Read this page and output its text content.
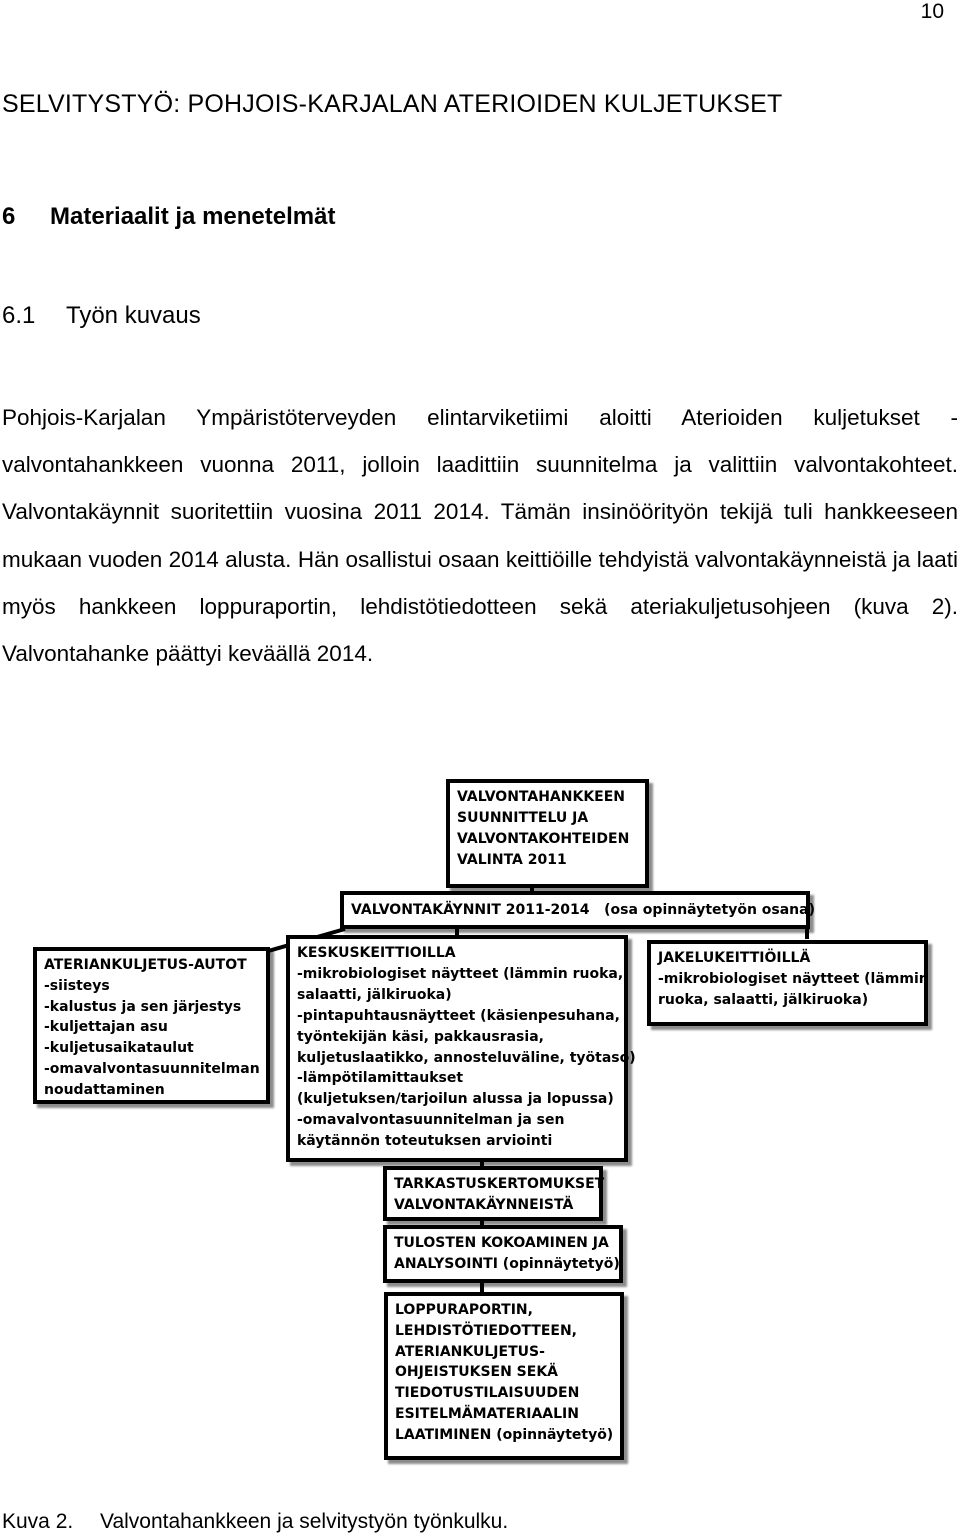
10
SELVITYSTYÖ: POHJOIS-KARJALAN ATERIOIDEN KULJETUKSET
6 Materiaalit ja menetelmät
6.1 Työn kuvaus
Pohjois-Karjalan Ympäristöterveyden elintarviketiimi aloitti Aterioiden kuljetukset -valvontahankkeen vuonna 2011, jolloin laadittiin suunnitelma ja valittiin valvontakohteet. Valvontakäynnit suoritettiin vuosina 2011 2014. Tämän insinöörityön tekijä tuli hankkeeseen mukaan vuoden 2014 alusta. Hän osallistui osaan keittiöille tehdyistä valvontakäynneistä ja laati myös hankkeen loppuraportin, lehdistötiedotteen sekä ateriakuljetusohjeen (kuva 2). Valvontahanke päättyi keväällä 2014.
VALVONTAHANKKEEN
SUUNNITTELU JA
VALVONTAKOHTEIDEN
VALINTA 2011
VALVONTAKÄYNNIT 2011-2014   (osa opinnäytetyön osana)
ATERIANKULJETUS-AUTOT
-siisteys
-kalustus ja sen järjestys
-kuljettajan asu
-kuljetusaikataulut
-omavalvontasuunnitelman
noudattaminen
KESKUSKEITTIOILLA
-mikrobiologiset näytteet (lämmin ruoka,
salaatti, jälkiruoka)
-pintapuhtausnäytteet (käsienpesuhana,
työntekijän käsi, pakkausrasia,
kuljetuslaatikko, annosteluväline, työtaso)
-lämpötilamittaukset
(kuljetuksen/tarjoilun alussa ja lopussa)
-omavalvontasuunnitelman ja sen
käytännön toteutuksen arviointi
JAKELUKEITTIÖILLÄ
-mikrobiologiset näytteet (lämmin
ruoka, salaatti, jälkiruoka)
TARKASTUSKERTOMUKSET
VALVONTAKÄYNNEISTÄ
TULOSTEN KOKOAMINEN JA
ANALYSOINTI (opinnäytetyö)
LOPPURAPORTIN,
LEHDISTÖTIEDOTTEEN,
ATERIANKULJETUS-
OHJEISTUKSEN SEKÄ
TIEDOTUSTILAISUUDEN
ESITELMÄMATERIAALIN
LAATIMINEN (opinnäytetyö)
Kuva 2. Valvontahankkeen ja selvitystyön työnkulku.
